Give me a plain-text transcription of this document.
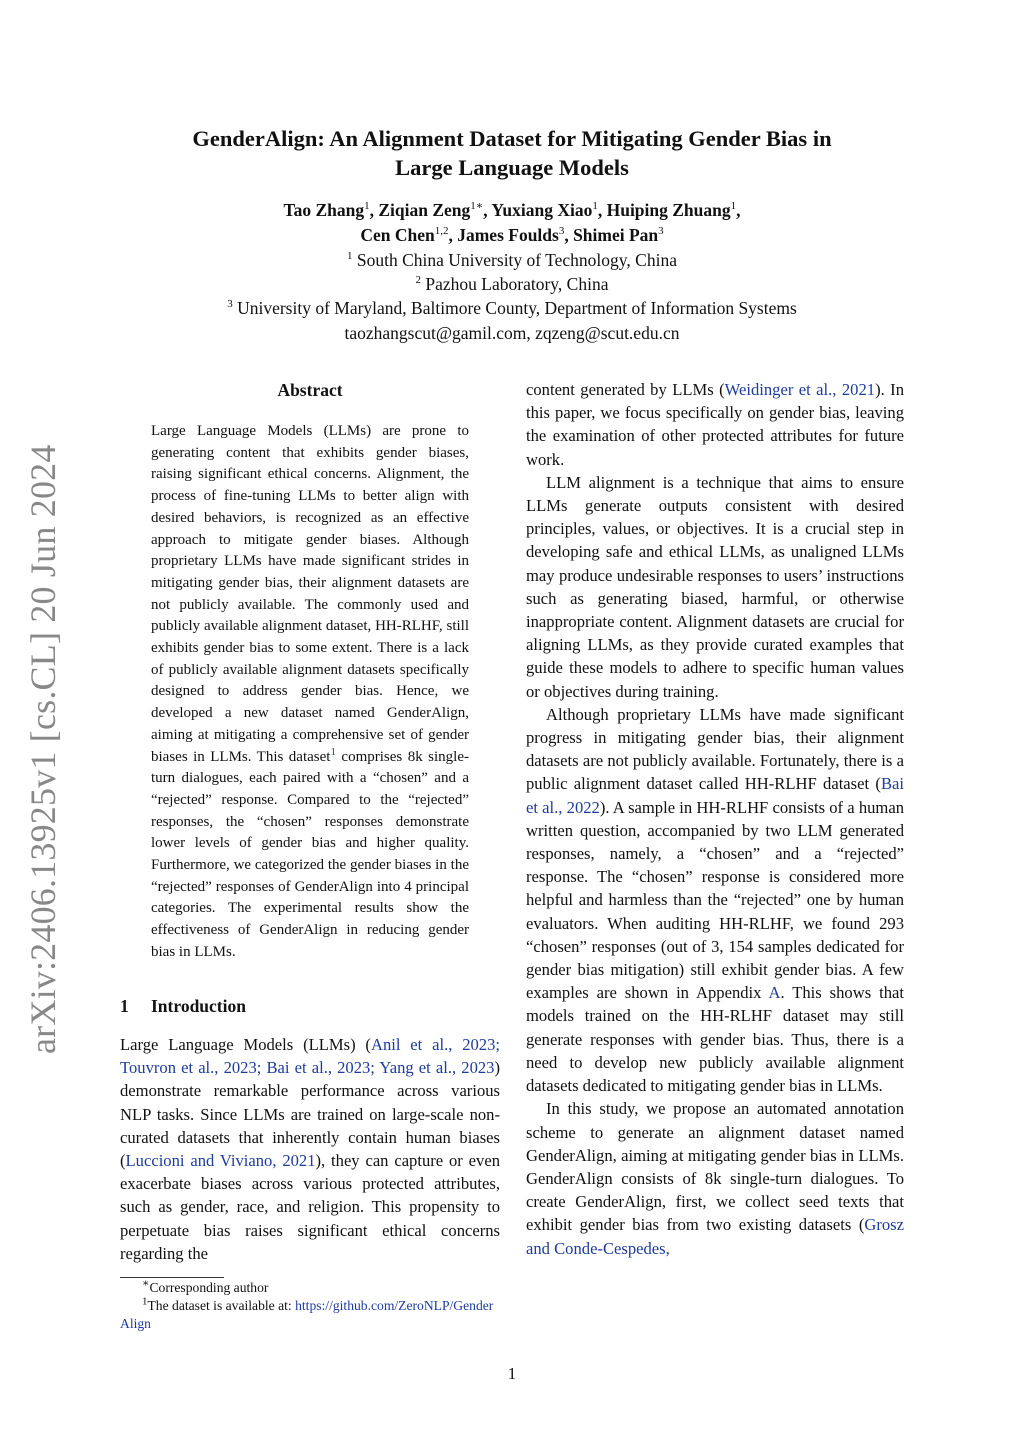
arXiv:2406.13925v1 [cs.CL] 20 Jun 2024
GenderAlign: An Alignment Dataset for Mitigating Gender Bias in
Large Language Models
Tao Zhang$^1$, Ziqian Zeng$^{1∗}$, Yuxiang Xiao$^1$, Huiping Zhuang$^1$,
Cen Chen$^{1,2}$, James Foulds$^3$, Shimei Pan$^3$
$^1$ South China University of Technology, China
$^2$ Pazhou Laboratory, China
$^3$ University of Maryland, Baltimore County, Department of Information Systems
taozhangscut@gamil.com, zqzeng@scut.edu.cn
Abstract
Large Language Models (LLMs) are prone to generating content that exhibits gender biases, raising significant ethical concerns. Alignment, the process of fine-tuning LLMs to better align with desired behaviors, is recognized as an effective approach to mitigate gender biases. Although proprietary LLMs have made significant strides in mitigating gender bias, their alignment datasets are not publicly available. The commonly used and publicly available alignment dataset, HH-RLHF, still exhibits gender bias to some extent. There is a lack of publicly available alignment datasets specifically designed to address gender bias. Hence, we developed a new dataset named GenderAlign, aiming at mitigating a comprehensive set of gender biases in LLMs. This dataset$^1$ comprises 8k single-turn dialogues, each paired with a “chosen” and a “rejected” response. Compared to the “rejected” responses, the “chosen” responses demonstrate lower levels of gender bias and higher quality. Furthermore, we categorized the gender biases in the “rejected” responses of GenderAlign into 4 principal categories. The experimental results show the effectiveness of GenderAlign in reducing gender bias in LLMs.
1 Introduction
Large Language Models (LLMs) (Anil et al., 2023; Touvron et al., 2023; Bai et al., 2023; Yang et al., 2023) demonstrate remarkable performance across various NLP tasks. Since LLMs are trained on large-scale non-curated datasets that inherently contain human biases (Luccioni and Viviano, 2021), they can capture or even exacerbate biases across various protected attributes, such as gender, race, and religion. This propensity to perpetuate bias raises significant ethical concerns regarding the
∗Corresponding author
$^1$The dataset is available at: https://github.com/ZeroNLP/GenderAlign

content generated by LLMs (Weidinger et al., 2021). In this paper, we focus specifically on gender bias, leaving the examination of other protected attributes for future work.

LLM alignment is a technique that aims to ensure LLMs generate outputs consistent with desired principles, values, or objectives. It is a crucial step in developing safe and ethical LLMs, as unaligned LLMs may produce undesirable responses to users’ instructions such as generating biased, harmful, or otherwise inappropriate content. Alignment datasets are crucial for aligning LLMs, as they provide curated examples that guide these models to adhere to specific human values or objectives during training.

Although proprietary LLMs have made significant progress in mitigating gender bias, their alignment datasets are not publicly available. Fortunately, there is a public alignment dataset called HH-RLHF dataset (Bai et al., 2022). A sample in HH-RLHF consists of a human written question, accompanied by two LLM generated responses, namely, a “chosen” and a “rejected” response. The “chosen” response is considered more helpful and harmless than the “rejected” one by human evaluators. When auditing HH-RLHF, we found 293 “chosen” responses (out of 3, 154 samples dedicated for gender bias mitigation) still exhibit gender bias. A few examples are shown in Appendix A. This shows that models trained on the HH-RLHF dataset may still generate responses with gender bias. Thus, there is a need to develop new publicly available alignment datasets dedicated to mitigating gender bias in LLMs.

In this study, we propose an automated annotation scheme to generate an alignment dataset named GenderAlign, aiming at mitigating gender bias in LLMs. GenderAlign consists of 8k single-turn dialogues. To create GenderAlign, first, we collect seed texts that exhibit gender bias from two existing datasets (Grosz and Conde-Cespedes,

1
